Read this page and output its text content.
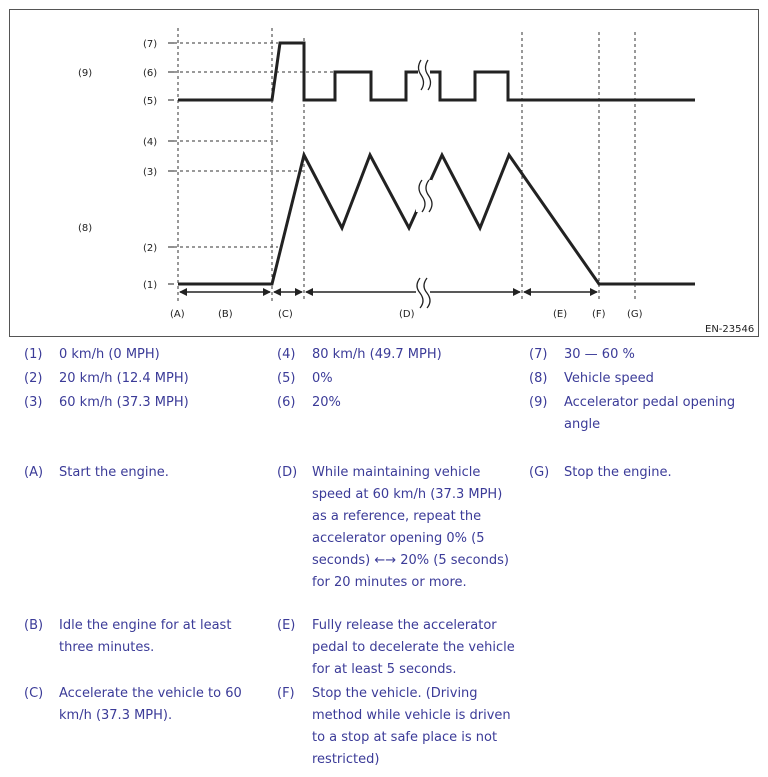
(7)
(6)
(5)
(4)
(3)
(2)
(1)
(9)
(8)
(A)	(B)	(C)	(D)	(E) (F) (G)
EN-23546
(1) 0 km/h (0 MPH)
(2) 20 km/h (12.4 MPH)
(3) 60 km/h (37.3 MPH)
(4) 80 km/h (49.7 MPH)
(5) 0%
(6) 20%
(7) 30 — 60 %
(8) Vehicle speed
(9) Accelerator pedal opening angle
(A) Start the engine.
(B) Idle the engine for at least three minutes.
(C) Accelerate the vehicle to 60 km/h (37.3 MPH).
(D) While maintaining vehicle speed at 60 km/h (37.3 MPH) as a reference, repeat the accelerator opening 0% (5 seconds) ←→ 20% (5 seconds) for 20 minutes or more.
(E) Fully release the accelerator pedal to decelerate the vehicle for at least 5 seconds.
(F) Stop the vehicle. (Driving method while vehicle is driven to a stop at safe place is not restricted)
(G) Stop the engine.
